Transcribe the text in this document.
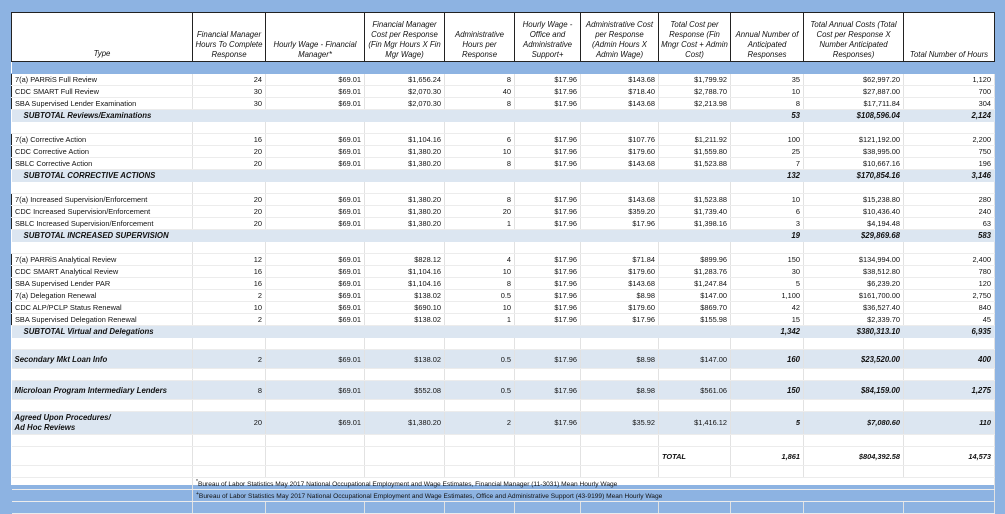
Type	Financial Manager Hours To Complete Response	Hourly Wage - Financial Manager*	Financial Manager Cost per Response (Fin Mgr Hours X Fin Mgr Wage)	Administrative Hours per Response	Hourly Wage - Office and Administrative Support+	Administrative Cost per Response (Admin Hours X Admin Wage)	Total Cost per Response (Fin Mngr Cost + Admin Cost)	Annual Number of Anticipated Responses	Total Annual Costs (Total Cost per Response X Number Anticipated Responses)	Total Number of Hours

7(a) PARRiS Full Review	24	$69.01	$1,656.24	8	$17.96	$143.68	$1,799.92	35	$62,997.20	1,120
CDC SMART Full Review	30	$69.01	$2,070.30	40	$17.96	$718.40	$2,788.70	10	$27,887.00	700
SBA Supervised Lender Examination	30	$69.01	$2,070.30	8	$17.96	$143.68	$2,213.98	8	$17,711.84	304
SUBTOTAL Reviews/Examinations								53	$108,596.04	2,124

7(a) Corrective Action	16	$69.01	$1,104.16	6	$17.96	$107.76	$1,211.92	100	$121,192.00	2,200
CDC Corrective Action	20	$69.01	$1,380.20	10	$17.96	$179.60	$1,559.80	25	$38,995.00	750
SBLC Corrective Action	20	$69.01	$1,380.20	8	$17.96	$143.68	$1,523.88	7	$10,667.16	196
SUBTOTAL CORRECTIVE ACTIONS								132	$170,854.16	3,146

7(a) Increased Supervision/Enforcement	20	$69.01	$1,380.20	8	$17.96	$143.68	$1,523.88	10	$15,238.80	280
CDC Increased Supervision/Enforcement	20	$69.01	$1,380.20	20	$17.96	$359.20	$1,739.40	6	$10,436.40	240
SBLC Increased Supervision/Enforcement	20	$69.01	$1,380.20	1	$17.96	$17.96	$1,398.16	3	$4,194.48	63
SUBTOTAL INCREASED SUPERVISION								19	$29,869.68	583

7(a) PARRiS Analytical Review	12	$69.01	$828.12	4	$17.96	$71.84	$899.96	150	$134,994.00	2,400
CDC SMART Analytical Review	16	$69.01	$1,104.16	10	$17.96	$179.60	$1,283.76	30	$38,512.80	780
SBA Supervised Lender PAR	16	$69.01	$1,104.16	8	$17.96	$143.68	$1,247.84	5	$6,239.20	120
7(a) Delegation Renewal	2	$69.01	$138.02	0.5	$17.96	$8.98	$147.00	1,100	$161,700.00	2,750
CDC ALP/PCLP Status Renewal	10	$69.01	$690.10	10	$17.96	$179.60	$869.70	42	$36,527.40	840
SBA Supervised Delegation Renewal	2	$69.01	$138.02	1	$17.96	$17.96	$155.98	15	$2,339.70	45
SUBTOTAL Virtual and Delegations								1,342	$380,313.10	6,935

Secondary Mkt Loan Info	2	$69.01	$138.02	0.5	$17.96	$8.98	$147.00	160	$23,520.00	400

Microloan Program Intermediary Lenders	8	$69.01	$552.08	0.5	$17.96	$8.98	$561.06	150	$84,159.00	1,275

Agreed Upon Procedures/
Ad Hoc Reviews	20	$69.01	$1,380.20	2	$17.96	$35.92	$1,416.12	5	$7,080.60	110

							TOTAL	1,861	$804,392.58	14,573

	*Bureau of Labor Statistics May 2017 National Occupational Employment and Wage Estimates, Financial Manager (11-3031) Mean Hourly Wage									
	+Bureau of Labor Statistics May 2017 National Occupational Employment and Wage Estimates, Office and Administrative Support (43-9199) Mean Hourly Wage									
